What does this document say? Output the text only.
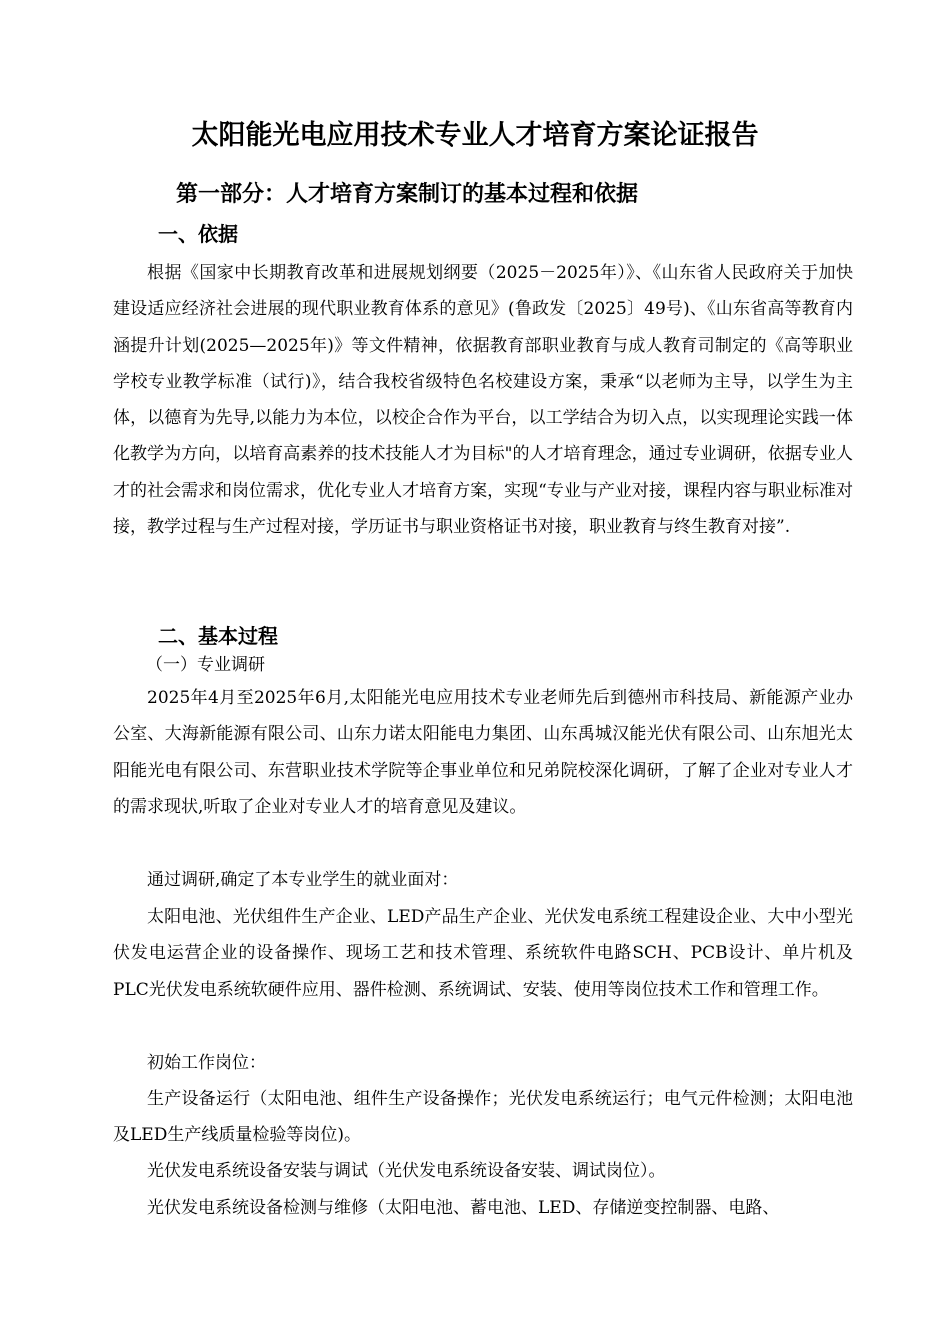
太阳能光电应用技术专业人才培育方案论证报告
第一部分：人才培育方案制订的基本过程和依据
一、依据

根据《国家中长期教育改革和进展规划纲要（2025－2025年）》、《山东省人民政府关于加快建设适应经济社会进展的现代职业教育体系的意见》(鲁政发〔2025〕49号)、《山东省高等教育内涵提升计划(2025—2025年)》等文件精神，依据教育部职业教育与成人教育司制定的《高等职业学校专业教学标准（试行)》，结合我校省级特色名校建设方案，秉承“以老师为主导，以学生为主体，以德育为先导,以能力为本位，以校企合作为平台，以工学结合为切入点，以实现理论实践一体化教学为方向，以培育高素养的技术技能人才为目标"的人才培育理念，通过专业调研，依据专业人才的社会需求和岗位需求，优化专业人才培育方案，实现“专业与产业对接，课程内容与职业标准对接，教学过程与生产过程对接，学历证书与职业资格证书对接，职业教育与终生教育对接”.

二、基本过程
（一）专业调研

2025年4月至2025年6月,太阳能光电应用技术专业老师先后到德州市科技局、新能源产业办公室、大海新能源有限公司、山东力诺太阳能电力集团、山东禹城汉能光伏有限公司、山东旭光太阳能光电有限公司、东营职业技术学院等企事业单位和兄弟院校深化调研，了解了企业对专业人才的需求现状,听取了企业对专业人才的培育意见及建议。

通过调研,确定了本专业学生的就业面对：

太阳电池、光伏组件生产企业、LED产品生产企业、光伏发电系统工程建设企业、大中小型光伏发电运营企业的设备操作、现场工艺和技术管理、系统软件电路SCH、PCB设计、单片机及PLC光伏发电系统软硬件应用、器件检测、系统调试、安装、使用等岗位技术工作和管理工作。

初始工作岗位：

生产设备运行（太阳电池、组件生产设备操作；光伏发电系统运行；电气元件检测；太阳电池及LED生产线质量检验等岗位)。

光伏发电系统设备安装与调试（光伏发电系统设备安装、调试岗位）。

光伏发电系统设备检测与维修（太阳电池、蓄电池、LED、存储逆变控制器、电路、
